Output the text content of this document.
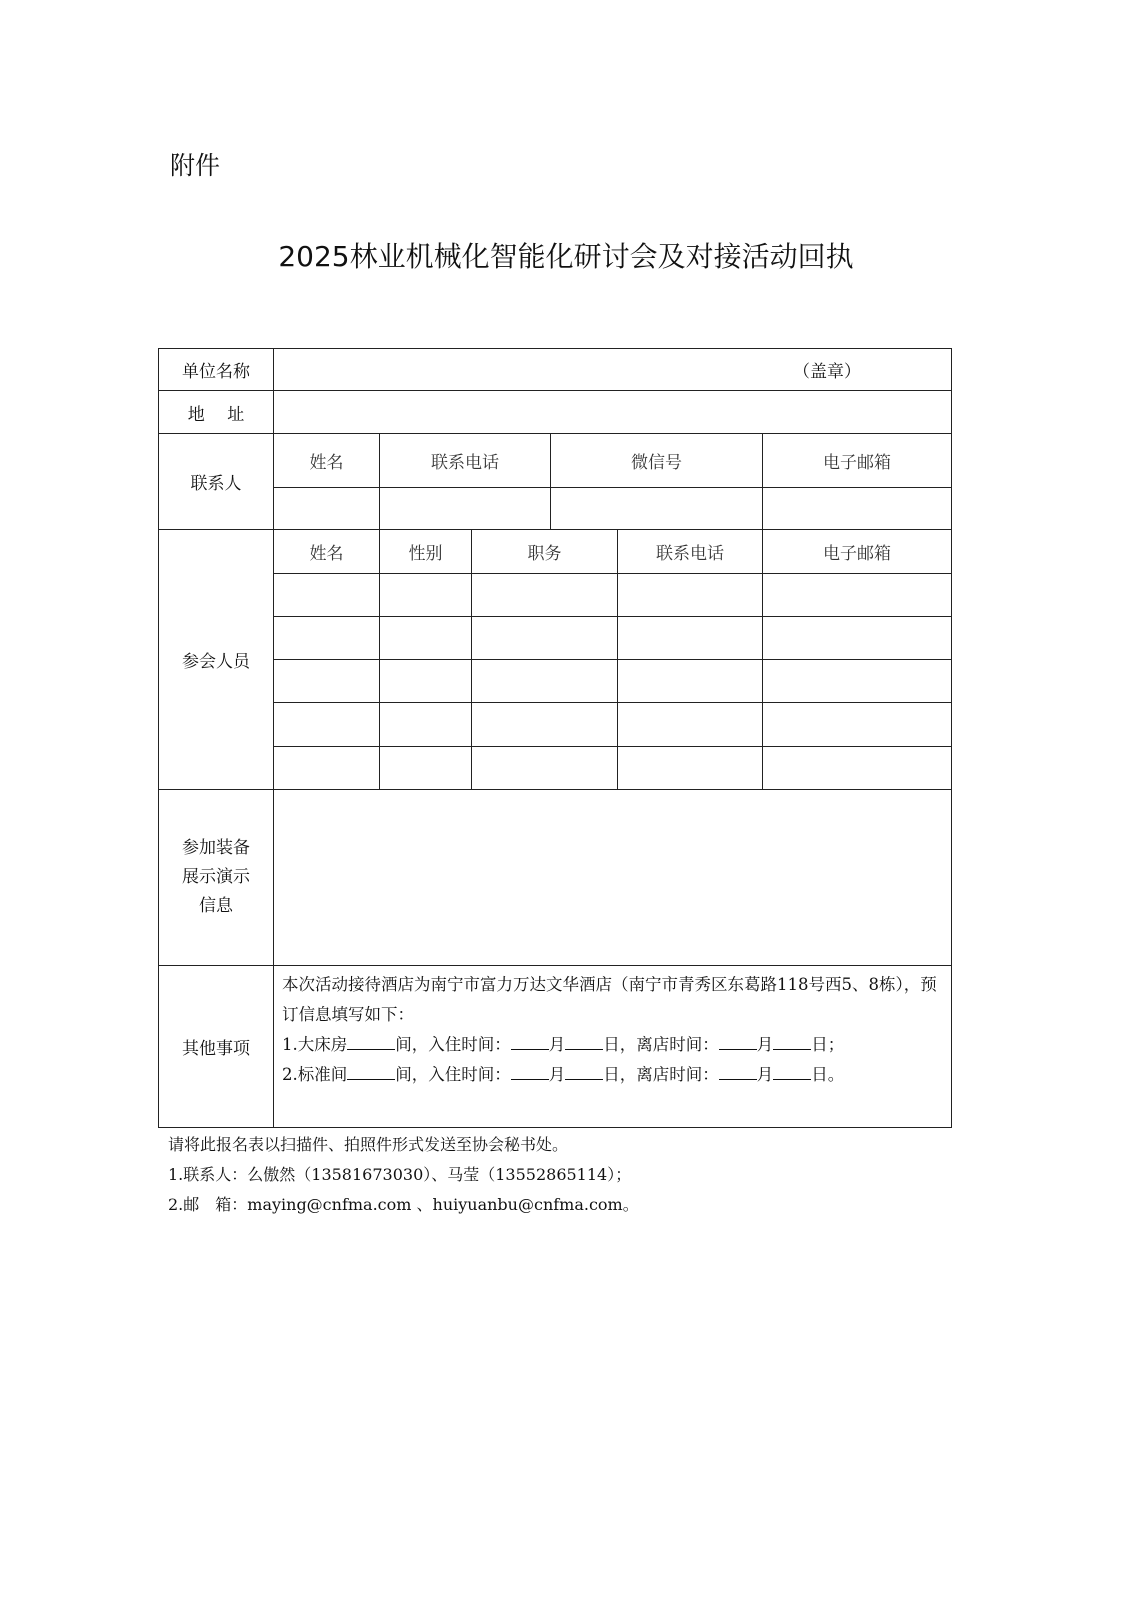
附件
2025林业机械化智能化研讨会及对接活动回执
单位名称	（盖章）					
地　 址						
联系人	姓名	联系电话		微信号		电子邮箱

参会人员	姓名	性别	职务		联系电话	电子邮箱

参加装备
展示演示
信息						

其他事项	本次活动接待酒店为南宁市富力万达文华酒店（南宁市青秀区东葛路118号西5、8栋），预订信息填写如下：
1.大床房 间，入住时间： 月 日，离店时间： 月 日；
2.标准间 间，入住时间： 月 日，离店时间： 月 日。					
请将此报名表以扫描件、拍照件形式发送至协会秘书处。
1.联系人：么傲然（13581673030）、马莹（13552865114）；
2.邮　箱：maying@cnfma.com 、huiyuanbu@cnfma.com。
